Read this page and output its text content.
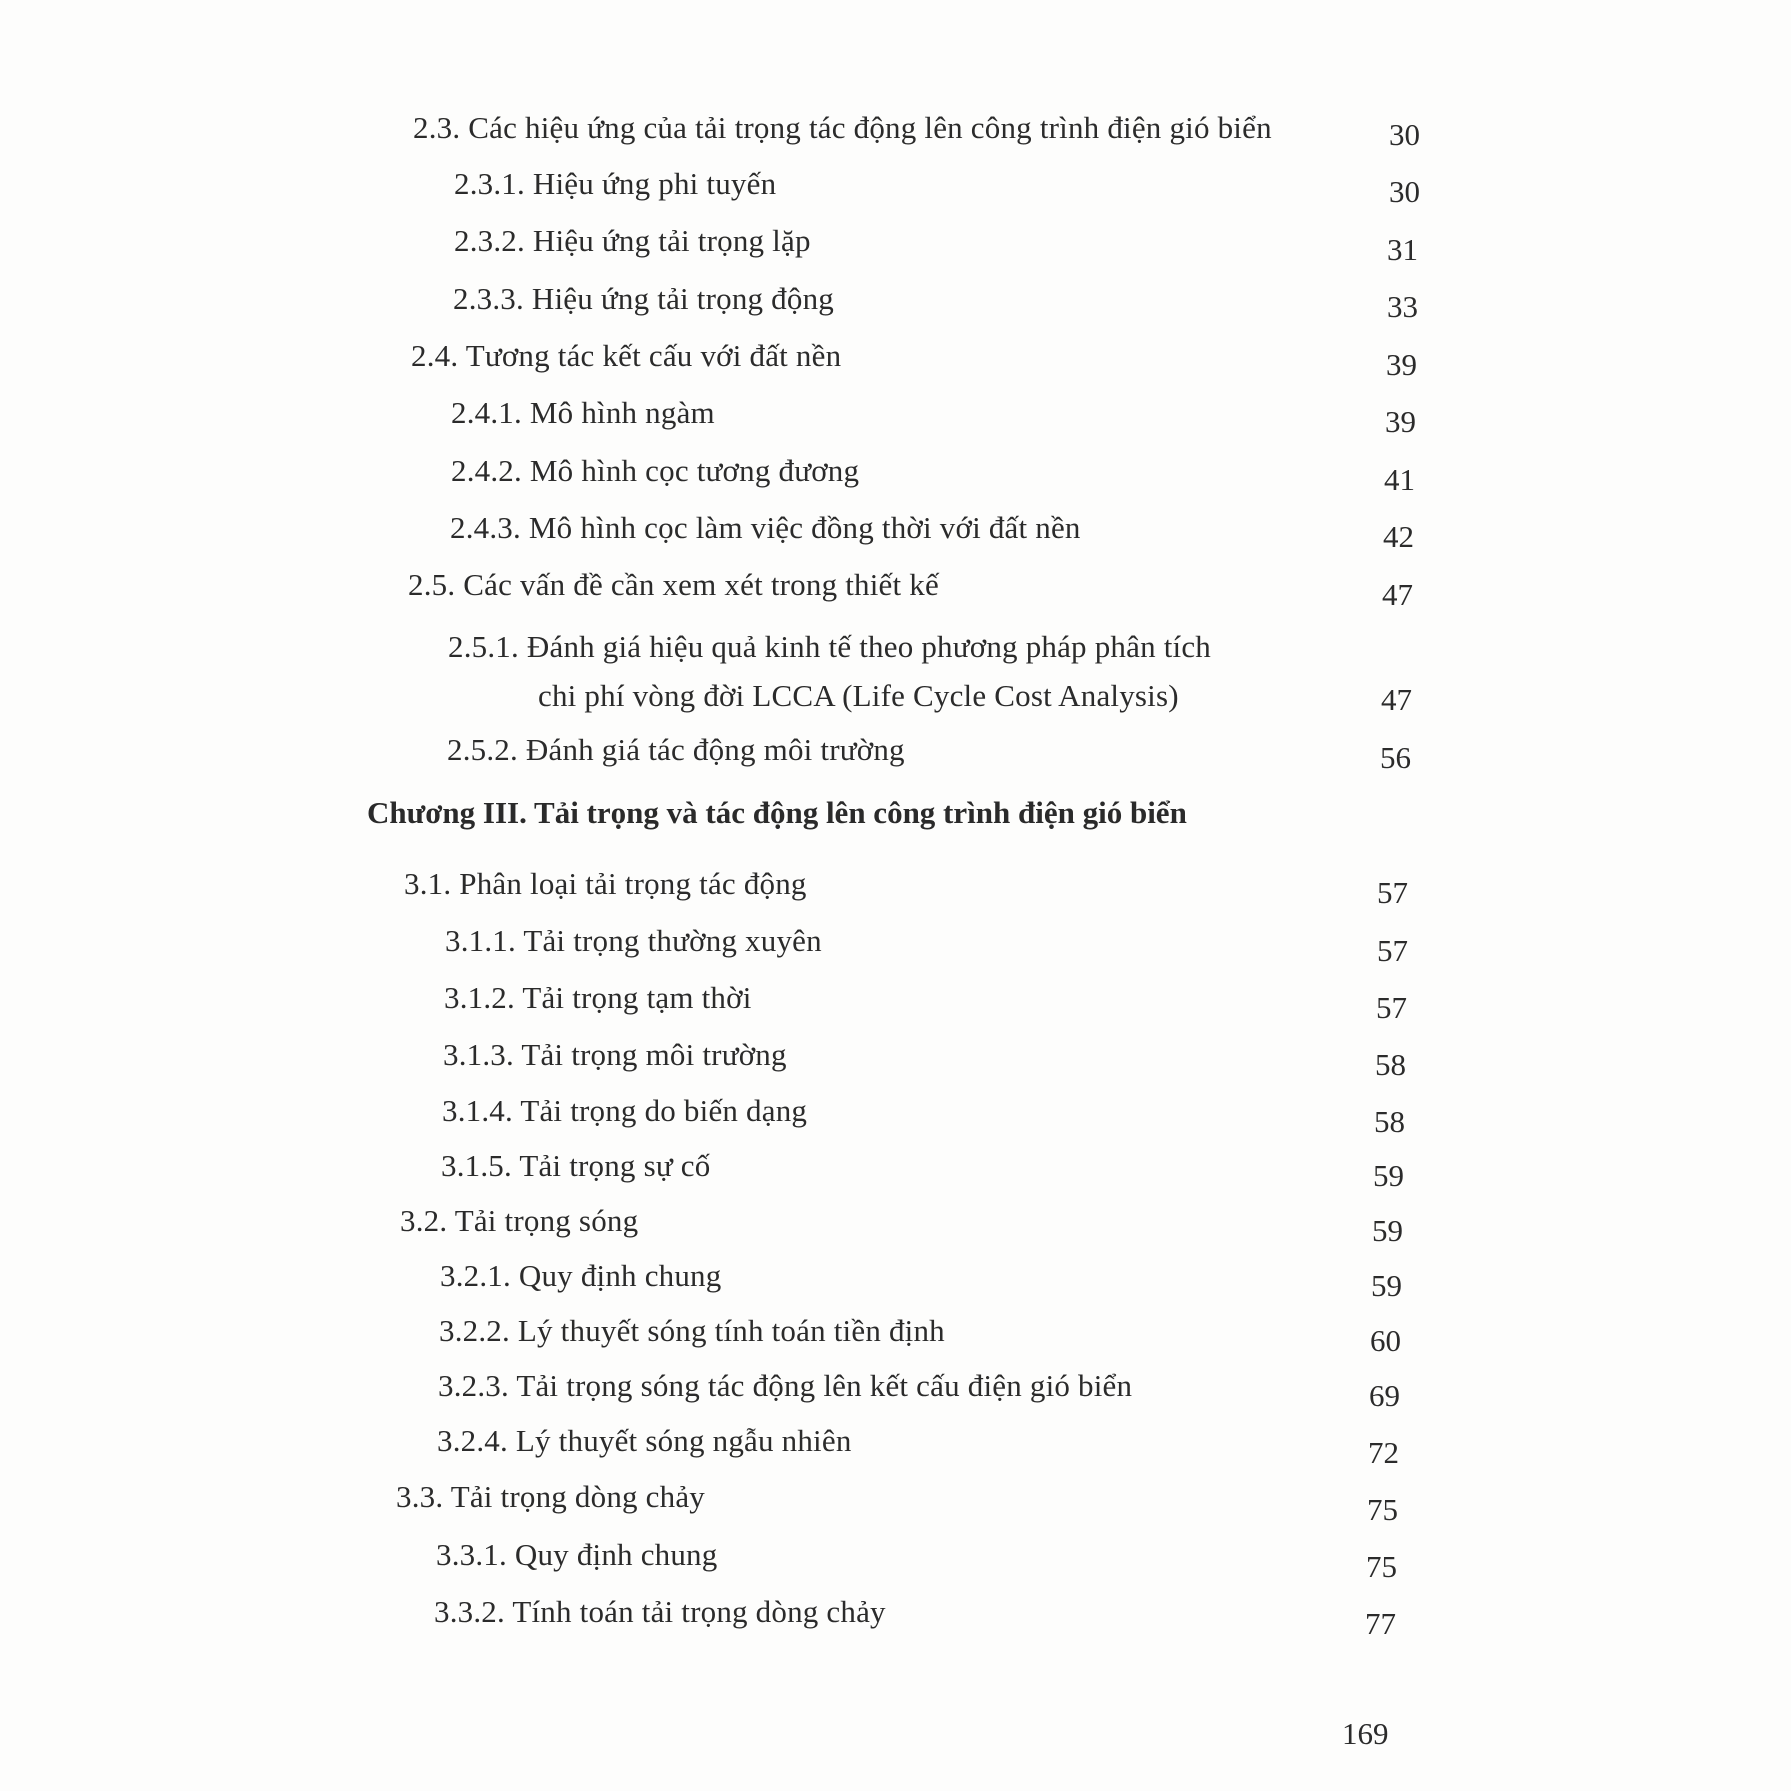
2.3. Các hiệu ứng của tải trọng tác động lên công trình điện gió biển	30
2.3.1. Hiệu ứng phi tuyến	30
2.3.2. Hiệu ứng tải trọng lặp	31
2.3.3. Hiệu ứng tải trọng động	33
2.4. Tương tác kết cấu với đất nền	39
2.4.1. Mô hình ngàm	39
2.4.2. Mô hình cọc tương đương	41
2.4.3. Mô hình cọc làm việc đồng thời với đất nền	42
2.5. Các vấn đề cần xem xét trong thiết kế	47
2.5.1. Đánh giá hiệu quả kinh tế theo phương pháp phân tích
chi phí vòng đời LCCA (Life Cycle Cost Analysis)	47
2.5.2. Đánh giá tác động môi trường	56
Chương III. Tải trọng và tác động lên công trình điện gió biển
3.1. Phân loại tải trọng tác động	57
3.1.1. Tải trọng thường xuyên	57
3.1.2. Tải trọng tạm thời	57
3.1.3. Tải trọng môi trường	58
3.1.4. Tải trọng do biến dạng	58
3.1.5. Tải trọng sự cố	59
3.2. Tải trọng sóng	59
3.2.1. Quy định chung	59
3.2.2. Lý thuyết sóng tính toán tiền định	60
3.2.3. Tải trọng sóng tác động lên kết cấu điện gió biển	69
3.2.4. Lý thuyết sóng ngẫu nhiên	72
3.3. Tải trọng dòng chảy	75
3.3.1. Quy định chung	75
3.3.2. Tính toán tải trọng dòng chảy	77
169
